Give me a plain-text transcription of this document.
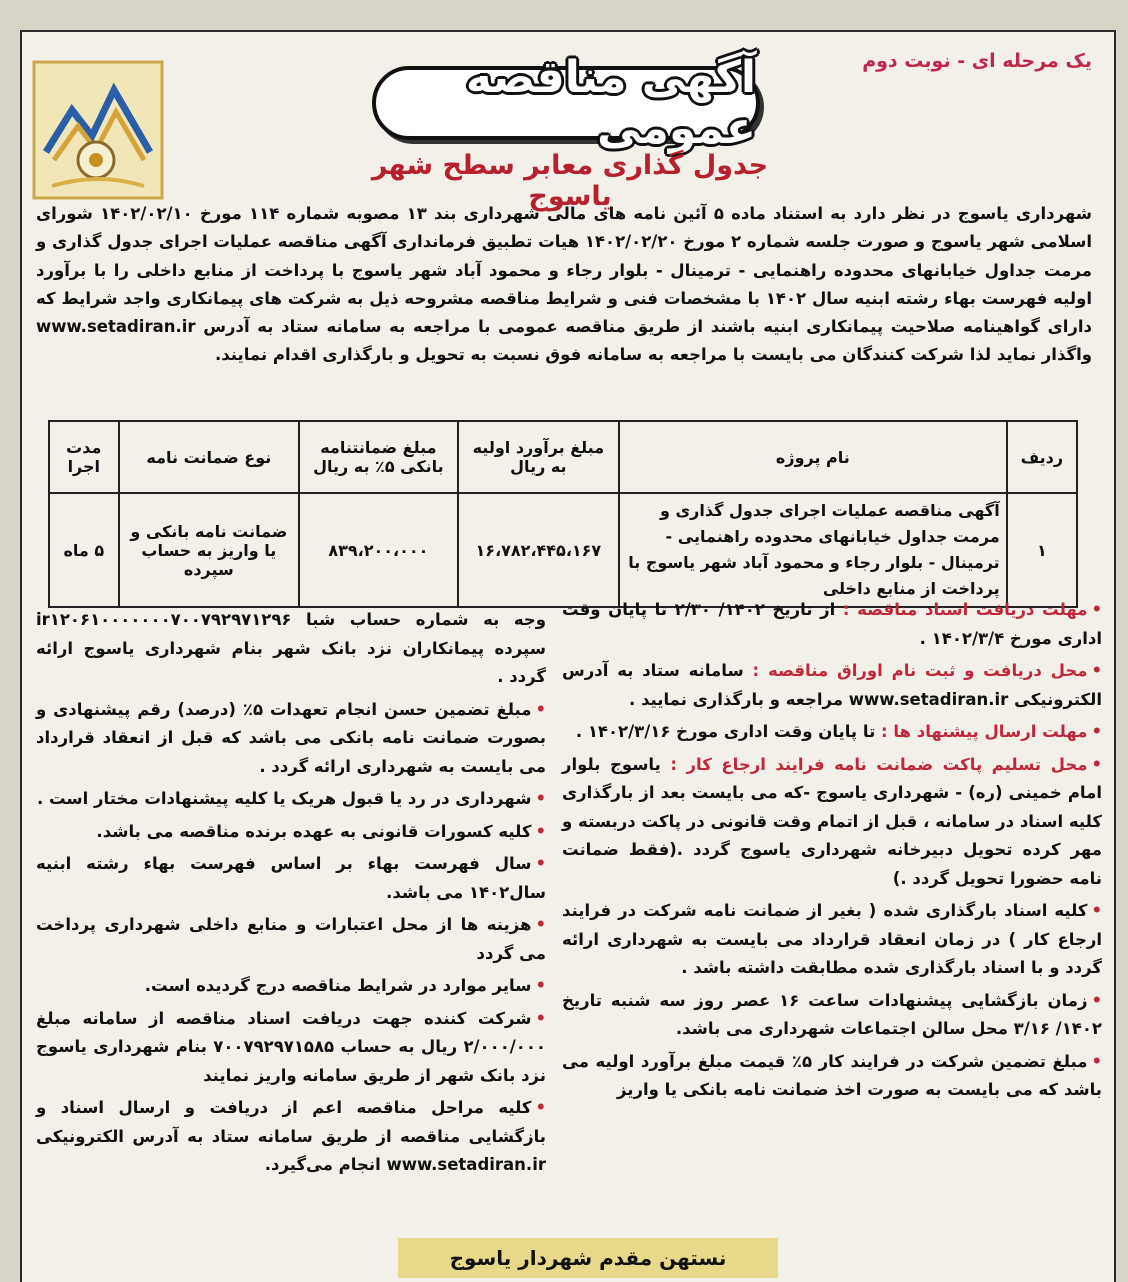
یک مرحله ای - نوبت دوم
آگهی مناقصه عمومی
جدول گذاری معابر سطح شهر یاسوج
شهرداری یاسوج در نظر دارد به استناد ماده ۵ آئین نامه های مالی شهرداری بند ۱۳ مصوبه شماره ۱۱۴ مورخ ۱۴۰۲/۰۲/۱۰ شورای اسلامی شهر یاسوج و صورت جلسه شماره ۲ مورخ ۱۴۰۲/۰۲/۲۰ هیات تطبیق فرمانداری آگهی مناقصه عملیات اجرای جدول گذاری و مرمت جداول خیابانهای محدوده راهنمایی - ترمینال - بلوار رجاء و محمود آباد شهر یاسوج با پرداخت از منابع داخلی را با برآورد اولیه فهرست بهاء رشته ابنیه سال ۱۴۰۲ با مشخصات فنی و شرایط مناقصه مشروحه ذیل به شرکت های پیمانکاری واجد شرایط که دارای گواهینامه صلاحیت پیمانکاری ابنیه باشند از طریق مناقصه عمومی با مراجعه به سامانه ستاد به آدرس www.setadiran.ir واگذار نماید لذا شرکت کنندگان می بایست با مراجعه به سامانه فوق نسبت به تحویل و بارگذاری اقدام نمایند.
ردیف	نام پروژه	مبلغ برآورد اولیه به ریال	مبلغ ضمانتنامه بانکی ۵٪ به ریال	نوع ضمانت نامه	مدت اجرا
۱	آگهی مناقصه عملیات اجرای جدول گذاری و مرمت جداول خیابانهای محدوده راهنمایی - ترمینال - بلوار رجاء و محمود آباد شهر یاسوج با پرداخت از منابع داخلی	۱۶،۷۸۲،۴۴۵،۱۶۷	۸۳۹،۲۰۰،۰۰۰	ضمانت نامه بانکی و یا واریز به حساب سپرده	۵ ماه

•مهلت دریافت اسناد مناقصه : از تاریخ ۱۴۰۲/ ۲/۳۰ تا پایان وقت اداری مورخ ۱۴۰۲/۳/۴ .

•محل دریافت و ثبت نام اوراق مناقصه : سامانه ستاد به آدرس الکترونیکی www.setadiran.ir مراجعه و بارگذاری نمایید .

•مهلت ارسال پیشنهاد ها : تا پایان وقت اداری مورخ ۱۴۰۲/۳/۱۶ .

•محل تسلیم پاکت ضمانت نامه فرایند ارجاع کار : یاسوج بلوار امام خمینی (ره) - شهرداری یاسوج -که می بایست بعد از بارگذاری کلیه اسناد در سامانه ، قبل از اتمام وقت قانونی در پاکت دربسته و مهر کرده تحویل دبیرخانه شهرداری یاسوج گردد .(فقط ضمانت نامه حضورا تحویل گردد .)

•کلیه اسناد بارگذاری شده ( بغیر از ضمانت نامه شرکت در فرایند ارجاع کار ) در زمان انعقاد قرارداد می بایست به شهرداری ارائه گردد و با اسناد بارگذاری شده مطابقت داشته باشد .

•زمان بازگشایی پیشنهادات ساعت ۱۶ عصر روز سه شنبه تاریخ ۱۴۰۲/ ۳/۱۶ محل سالن اجتماعات شهرداری می باشد.

•مبلغ تضمین شرکت در فرایند کار ۵٪ قیمت مبلغ برآورد اولیه می باشد که می بایست به صورت اخذ ضمانت نامه بانکی یا واریز

وجه به شماره حساب شبا ir۱۲۰۶۱۰۰۰۰۰۰۰۷۰۰۷۹۲۹۷۱۲۹۶ سپرده پیمانکاران نزد بانک شهر بنام شهرداری یاسوج ارائه گردد .

•مبلغ تضمین حسن انجام تعهدات ۵٪ (درصد) رقم پیشنهادی و بصورت ضمانت نامه بانکی می باشد که قبل از انعقاد قرارداد می بایست به شهرداری ارائه گردد .

•شهرداری در رد یا قبول هریک یا کلیه پیشنهادات مختار است .

•کلیه کسورات قانونی به عهده برنده مناقصه می باشد.

•سال فهرست بهاء بر اساس فهرست بهاء رشته ابنیه سال۱۴۰۲ می باشد.

•هزینه ها از محل اعتبارات و منابع داخلی شهرداری پرداخت می گردد

•سایر موارد در شرایط مناقصه درج گردیده است.

•شرکت کننده جهت دریافت اسناد مناقصه از سامانه مبلغ ۲/۰۰۰/۰۰۰ ریال به حساب ۷۰۰۷۹۲۹۷۱۵۸۵ بنام شهرداری یاسوج نزد بانک شهر از طریق سامانه واریز نمایند

•کلیه مراحل مناقصه اعم از دریافت و ارسال اسناد و بازگشایی مناقصه از طریق سامانه ستاد به آدرس الکترونیکی www.setadiran.ir انجام می‌گیرد.

نستهن مقدم شهردار یاسوج
